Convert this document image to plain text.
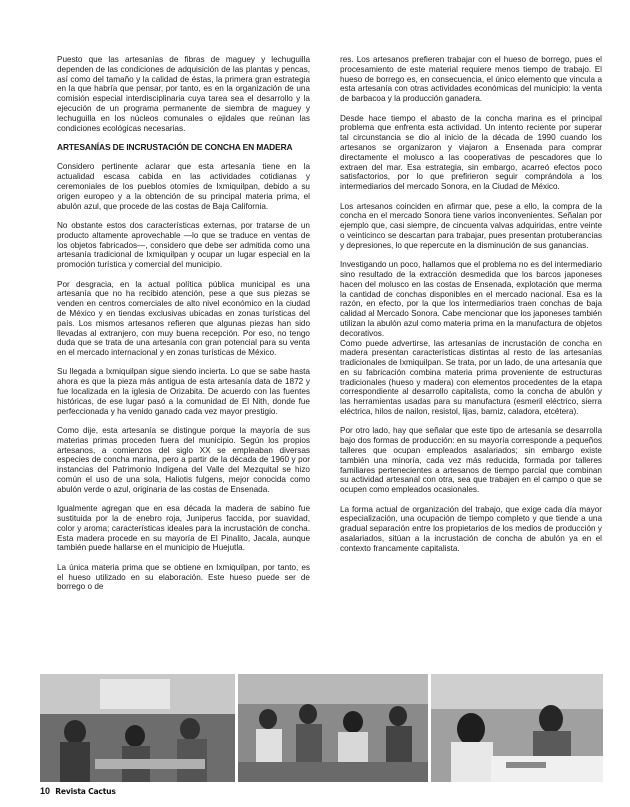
Puesto que las artesanías de fibras de maguey y lechuguilla dependen de las condiciones de adquisición de las plantas y pencas, así como del tamaño y la calidad de éstas, la primera gran estrategia en la que habría que pensar, por tanto, es en la organización de una comisión especial interdisciplinaria cuya tarea sea el desarrollo y la ejecución de un programa permanente de siembra de maguey y lechuguilla en los núcleos comunales o ejidales que reúnan las condiciones ecológicas necesarias.

ARTESANÍAS DE INCRUSTACIÓN DE CONCHA EN MADERA

Considero pertinente aclarar que esta artesanía tiene en la actualidad escasa cabida en las actividades cotidianas y ceremoniales de los pueblos otomíes de Ixmiquilpan, debido a su origen europeo y a la obtención de su principal materia prima, el abulón azul, que procede de las costas de Baja California.

No obstante estos dos características externas, por tratarse de un producto altamente aprovechable —lo que se traduce en ventas de los objetos fabricados—, considero que debe ser admitida como una artesanía tradicional de Ixmiquilpan y ocupar un lugar especial en la promoción turística y comercial del municipio.

Por desgracia, en la actual política pública municipal es una artesanía que no ha recibido atención, pese a que sus piezas se venden en centros comerciales de alto nivel económico en la ciudad de México y en tiendas exclusivas ubicadas en zonas turísticas del país. Los mismos artesanos refieren que algunas piezas han sido llevadas al extranjero, con muy buena recepción. Por eso, no tengo duda que se trata de una artesanía con gran potencial para su venta en el mercado internacional y en zonas turísticas de México.

Su llegada a Ixmiquilpan sigue siendo incierta. Lo que se sabe hasta ahora es que la pieza más antigua de esta artesanía data de 1872 y fue localizada en la iglesia de Orizabita. De acuerdo con las fuentes históricas, de ese lugar pasó a la comunidad de El Nith, donde fue perfeccionada y ha venido ganado cada vez mayor prestigio.

Como dije, esta artesanía se distingue porque la mayoría de sus materias primas proceden fuera del municipio. Según los propios artesanos, a comienzos del siglo XX se empleaban diversas especies de concha marina, pero a partir de la década de 1960 y por instancias del Patrimonio Indígena del Valle del Mezquital se hizo común el uso de una sola, Haliotis fulgens, mejor conocida como abulón verde o azul, originaria de las costas de Ensenada.

Igualmente agregan que en esa década la madera de sabino fue sustituida por la de enebro roja, Juniperus faccida, por suavidad, color y aroma; características ideales para la incrustación de concha. Esta madera procede en su mayoría de El Pinalito, Jacala, aunque también puede hallarse en el municipio de Huejutla.

La única materia prima que se obtiene en Ixmiquilpan, por tanto, es el hueso utilizado en su elaboración. Este hueso puede ser de borrego o de

res. Los artesanos prefieren trabajar con el hueso de borrego, pues el procesamiento de este material requiere menos tiempo de trabajo. El hueso de borrego es, en consecuencia, el único elemento que vincula a esta artesanía con otras actividades económicas del municipio: la venta de barbacoa y la producción ganadera.

Desde hace tiempo el abasto de la concha marina es el principal problema que enfrenta esta actividad. Un intento reciente por superar tal circunstancia se dio al inicio de la década de 1990 cuando los artesanos se organizaron y viajaron a Ensenada para comprar directamente el molusco a las cooperativas de pescadores que lo extraen del mar. Esa estrategia, sin embargo, acarreó efectos poco satisfactorios, por lo que prefirieron seguir comprándola a los intermediarios del mercado Sonora, en la Ciudad de México.

Los artesanos coinciden en afirmar que, pese a ello, la compra de la concha en el mercado Sonora tiene varios inconvenientes. Señalan por ejemplo que, casi siempre, de cincuenta valvas adquiridas, entre veinte o veinticinco se descartan para trabajar, pues presentan protuberancias y depresiones, lo que repercute en la disminución de sus ganancias.

Investigando un poco, hallamos que el problema no es del intermediario sino resultado de la extracción desmedida que los barcos japoneses hacen del molusco en las costas de Ensenada, explotación que merma la cantidad de conchas disponibles en el mercado nacional. Esa es la razón, en efecto, por la que los intermediarios traen conchas de baja calidad al Mercado Sonora. Cabe mencionar que los japoneses también utilizan la abulón azul como materia prima en la manufactura de objetos decorativos.

Como puede advertirse, las artesanías de incrustación de concha en madera presentan características distintas al resto de las artesanías tradicionales de Ixmiquilpan. Se trata, por un lado, de una artesanía que en su fabricación combina materia prima proveniente de estructuras tradicionales (hueso y madera) con elementos procedentes de la etapa correspondiente al desarrollo capitalista, como la concha de abulón y las herramientas usadas para su manufactura (esmeril eléctrico, sierra eléctrica, hilos de nailon, resistol, lijas, barniz, caladora, etcétera).

Por otro lado, hay que señalar que este tipo de artesanía se desarrolla bajo dos formas de producción: en su mayoría corresponde a pequeños talleres que ocupan empleados asalariados; sin embargo existe también una minoría, cada vez más reducida, formada por talleres familiares pertenecientes a artesanos de tiempo parcial que combinan su actividad artesanal con otra, sea que trabajen en el campo o que se ocupen como empleados ocasionales.

La forma actual de organización del trabajo, que exige cada día mayor especialización, una ocupación de tiempo completo y que tiende a una gradual separación entre los propietarios de los medios de producción y asalariados, sitúan a la incrustación de concha de abulón ya en el contexto francamente capitalista.

10 Revista Cactus
